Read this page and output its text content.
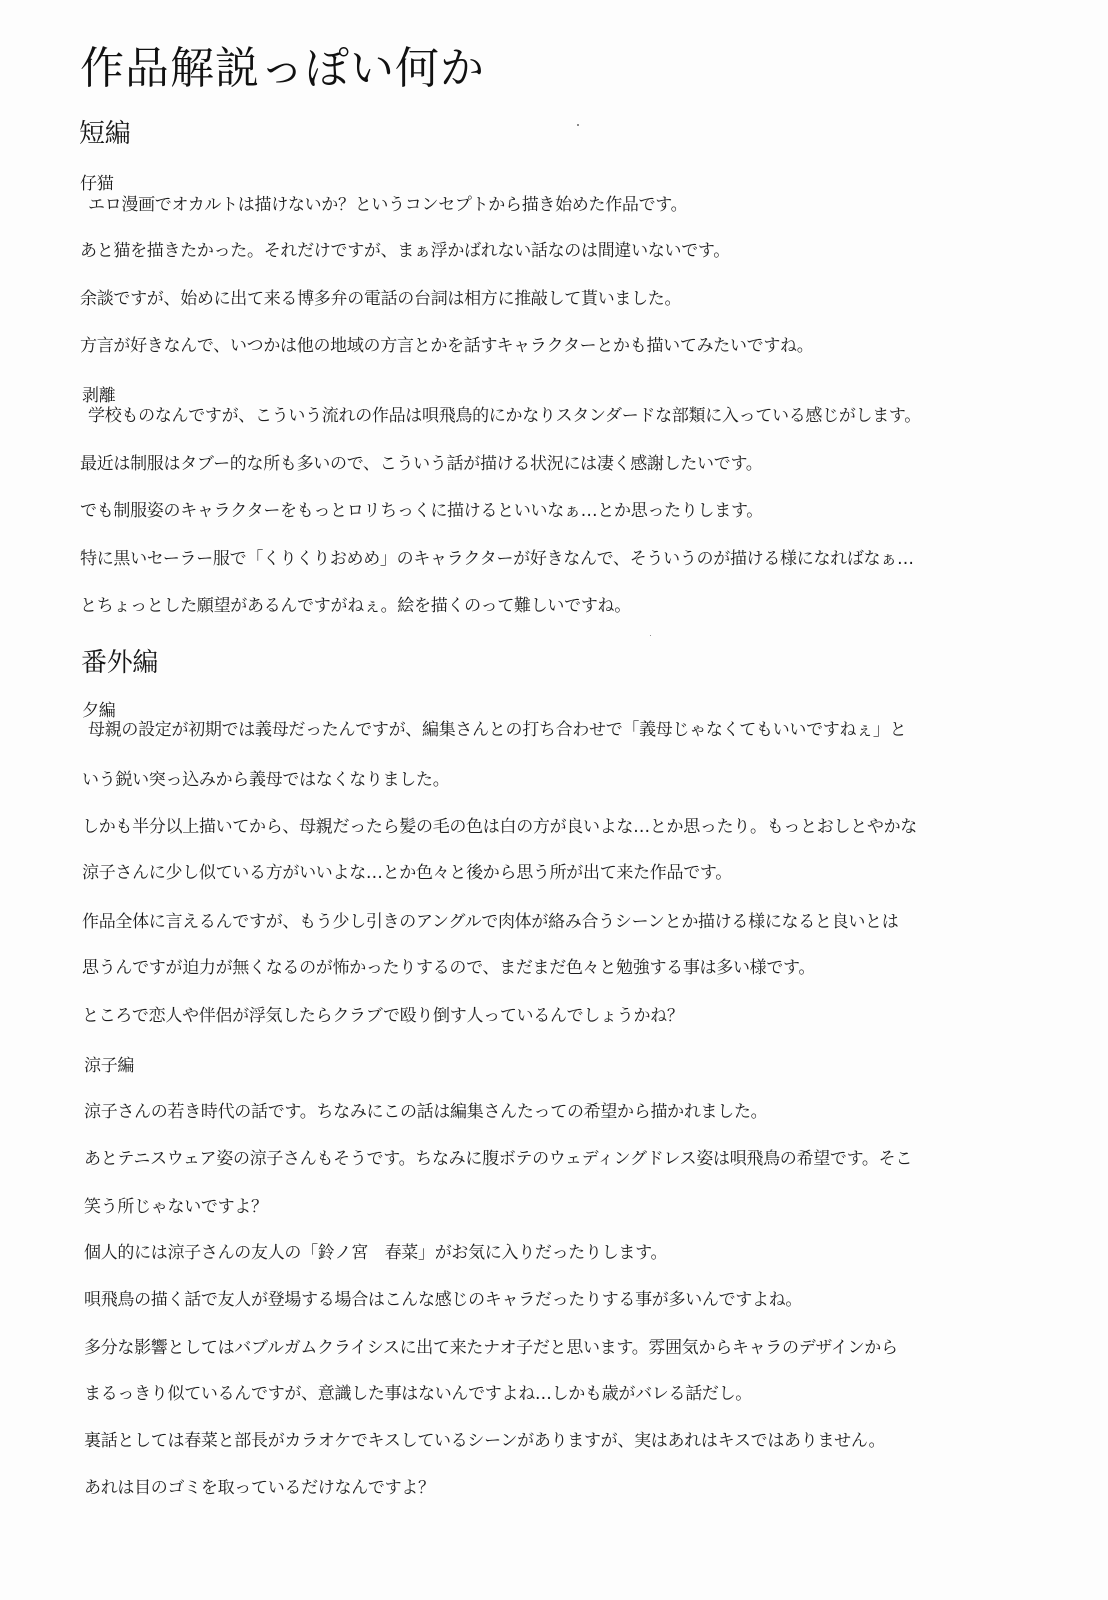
作品解説っぽい何か
短編
仔猫
エロ漫画でオカルトは描けないか？というコンセプトから描き始めた作品です。
あと猫を描きたかった。それだけですが、まぁ浮かばれない話なのは間違いないです。
余談ですが、始めに出て来る博多弁の電話の台詞は相方に推敲して貰いました。
方言が好きなんで、いつかは他の地域の方言とかを話すキャラクターとかも描いてみたいですね。
剥離
学校ものなんですが、こういう流れの作品は唄飛鳥的にかなりスタンダードな部類に入っている感じがします。
最近は制服はタブー的な所も多いので、こういう話が描ける状況には凄く感謝したいです。
でも制服姿のキャラクターをもっとロリちっくに描けるといいなぁ…とか思ったりします。
特に黒いセーラー服で「くりくりおめめ」のキャラクターが好きなんで、そういうのが描ける様になればなぁ…
とちょっとした願望があるんですがねぇ。絵を描くのって難しいですね。
番外編
夕編
母親の設定が初期では義母だったんですが、編集さんとの打ち合わせで「義母じゃなくてもいいですねぇ」と
いう鋭い突っ込みから義母ではなくなりました。
しかも半分以上描いてから、母親だったら髪の毛の色は白の方が良いよな…とか思ったり。もっとおしとやかな
涼子さんに少し似ている方がいいよな…とか色々と後から思う所が出て来た作品です。
作品全体に言えるんですが、もう少し引きのアングルで肉体が絡み合うシーンとか描ける様になると良いとは
思うんですが迫力が無くなるのが怖かったりするので、まだまだ色々と勉強する事は多い様です。
ところで恋人や伴侶が浮気したらクラブで殴り倒す人っているんでしょうかね？
涼子編
涼子さんの若き時代の話です。ちなみにこの話は編集さんたっての希望から描かれました。
あとテニスウェア姿の涼子さんもそうです。ちなみに腹ボテのウェディングドレス姿は唄飛鳥の希望です。そこ
笑う所じゃないですよ？
個人的には涼子さんの友人の「鈴ノ宮　春菜」がお気に入りだったりします。
唄飛鳥の描く話で友人が登場する場合はこんな感じのキャラだったりする事が多いんですよね。
多分な影響としてはバブルガムクライシスに出て来たナオ子だと思います。雰囲気からキャラのデザインから
まるっきり似ているんですが、意識した事はないんですよね…しかも歳がバレる話だし。
裏話としては春菜と部長がカラオケでキスしているシーンがありますが、実はあれはキスではありません。
あれは目のゴミを取っているだけなんですよ？
